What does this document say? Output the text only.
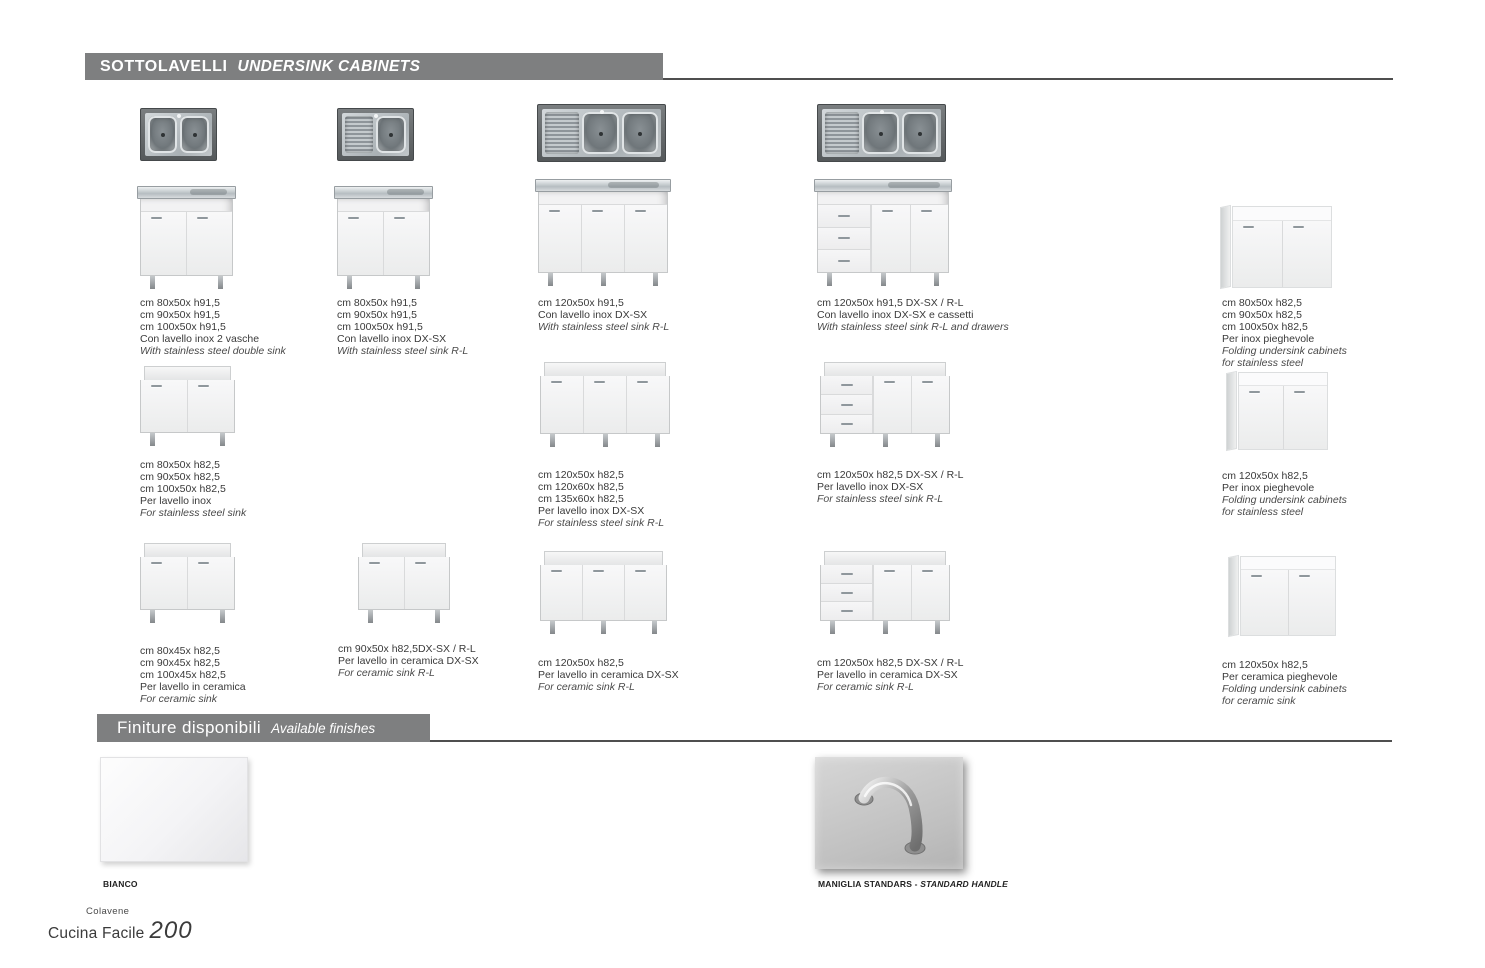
SOTTOLAVELLI UNDERSINK CABINETS
cm 80x50x h91,5
cm 90x50x h91,5
cm 100x50x h91,5
Con lavello inox 2 vasche
With stainless steel double sink
cm 80x50x h91,5
cm 90x50x h91,5
cm 100x50x h91,5
Con lavello inox DX-SX
With stainless steel sink R-L
cm 120x50x h91,5
Con lavello inox DX-SX
With stainless steel sink R-L
cm 120x50x h91,5 DX-SX / R-L
Con lavello inox DX-SX e cassetti
With stainless steel sink R-L and drawers
cm 80x50x h82,5
cm 90x50x h82,5
cm 100x50x h82,5
Per inox pieghevole
Folding undersink cabinets
for stainless steel
cm 80x50x h82,5
cm 90x50x h82,5
cm 100x50x h82,5
Per lavello inox
For stainless steel sink
cm 120x50x h82,5
cm 120x60x h82,5
cm 135x60x h82,5
Per lavello inox DX-SX
For stainless steel sink R-L
cm 120x50x h82,5 DX-SX / R-L
Per lavello inox DX-SX
For stainless steel sink R-L
cm 120x50x h82,5
Per inox pieghevole
Folding undersink cabinets
for stainless steel
cm 80x45x h82,5
cm 90x45x h82,5
cm 100x45x h82,5
Per lavello in ceramica
For ceramic sink
cm 90x50x h82,5DX-SX / R-L
Per lavello in ceramica DX-SX
For ceramic sink R-L
cm 120x50x h82,5
Per lavello in ceramica DX-SX
For ceramic sink R-L
cm 120x50x h82,5 DX-SX / R-L
Per lavello in ceramica DX-SX
For ceramic sink R-L
cm 120x50x h82,5
Per ceramica pieghevole
Folding undersink cabinets
for ceramic sink
Finiture disponibili Available finishes
BIANCO	MANIGLIA STANDARS - STANDARD HANDLE
Colavene
Cucina Facile 200
